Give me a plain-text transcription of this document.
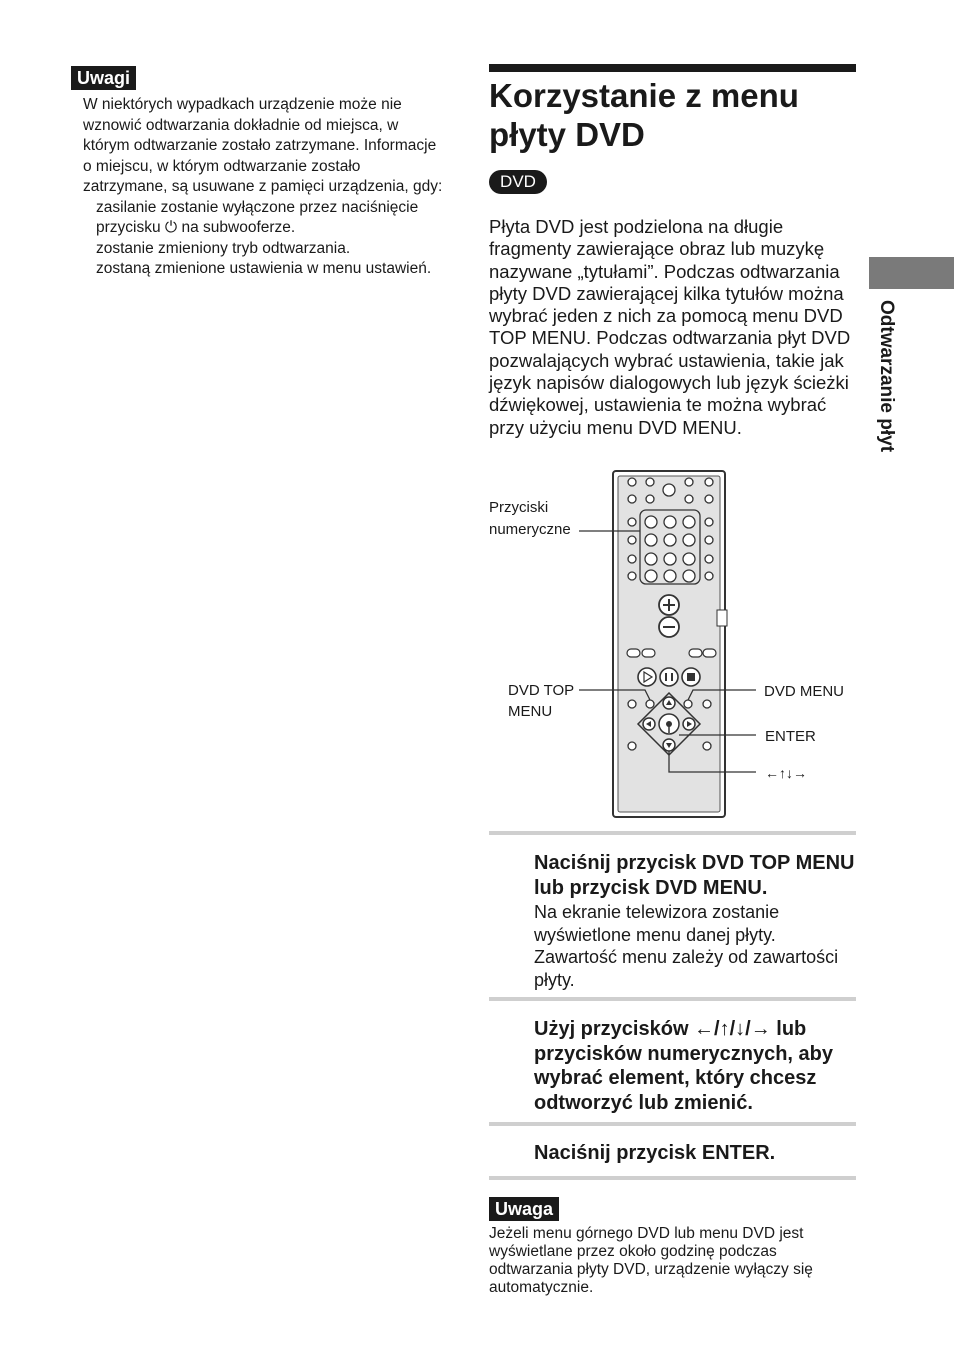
Uwagi
W niektórych wypadkach urządzenie może nie wznowić odtwarzania dokładnie od miejsca, w którym odtwarzanie zostało zatrzymane. Informacje o miejscu, w którym odtwarzanie zostało zatrzymane, są usuwane z pamięci urządzenia, gdy:
zasilanie zostanie wyłączone przez naciśnięcie przycisku ⏻ na subwooferze.
zostanie zmieniony tryb odtwarzania.
zostaną zmienione ustawienia w menu ustawień.
Korzystanie z menu
płyty DVD
DVD
Płyta DVD jest podzielona na długie fragmenty zawierające obraz lub muzykę nazywane „tytułami”. Podczas odtwarzania płyty DVD zawierającej kilka tytułów można wybrać jeden z nich za pomocą menu DVD TOP MENU. Podczas odtwarzania płyt DVD pozwalających wybrać ustawienia, takie jak język napisów dialogowych lub język ścieżki dźwiękowej, ustawienia te można wybrać przy użyciu menu DVD MENU.	Odtwarzanie płyt
Przyciski
numeryczne
DVD TOP
MENU
DVD MENU
ENTER
←↑↓→
Naciśnij przycisk DVD TOP MENU lub przycisk DVD MENU.
Na ekranie telewizora zostanie wyświetlone menu danej płyty. Zawartość menu zależy od zawartości płyty.
Użyj przycisków ←/↑/↓/→ lub przycisków numerycznych, aby wybrać element, który chcesz odtworzyć lub zmienić.
Naciśnij przycisk ENTER.
Uwaga
Jeżeli menu górnego DVD lub menu DVD jest wyświetlane przez około godzinę podczas odtwarzania płyty DVD, urządzenie wyłączy się automatycznie.
